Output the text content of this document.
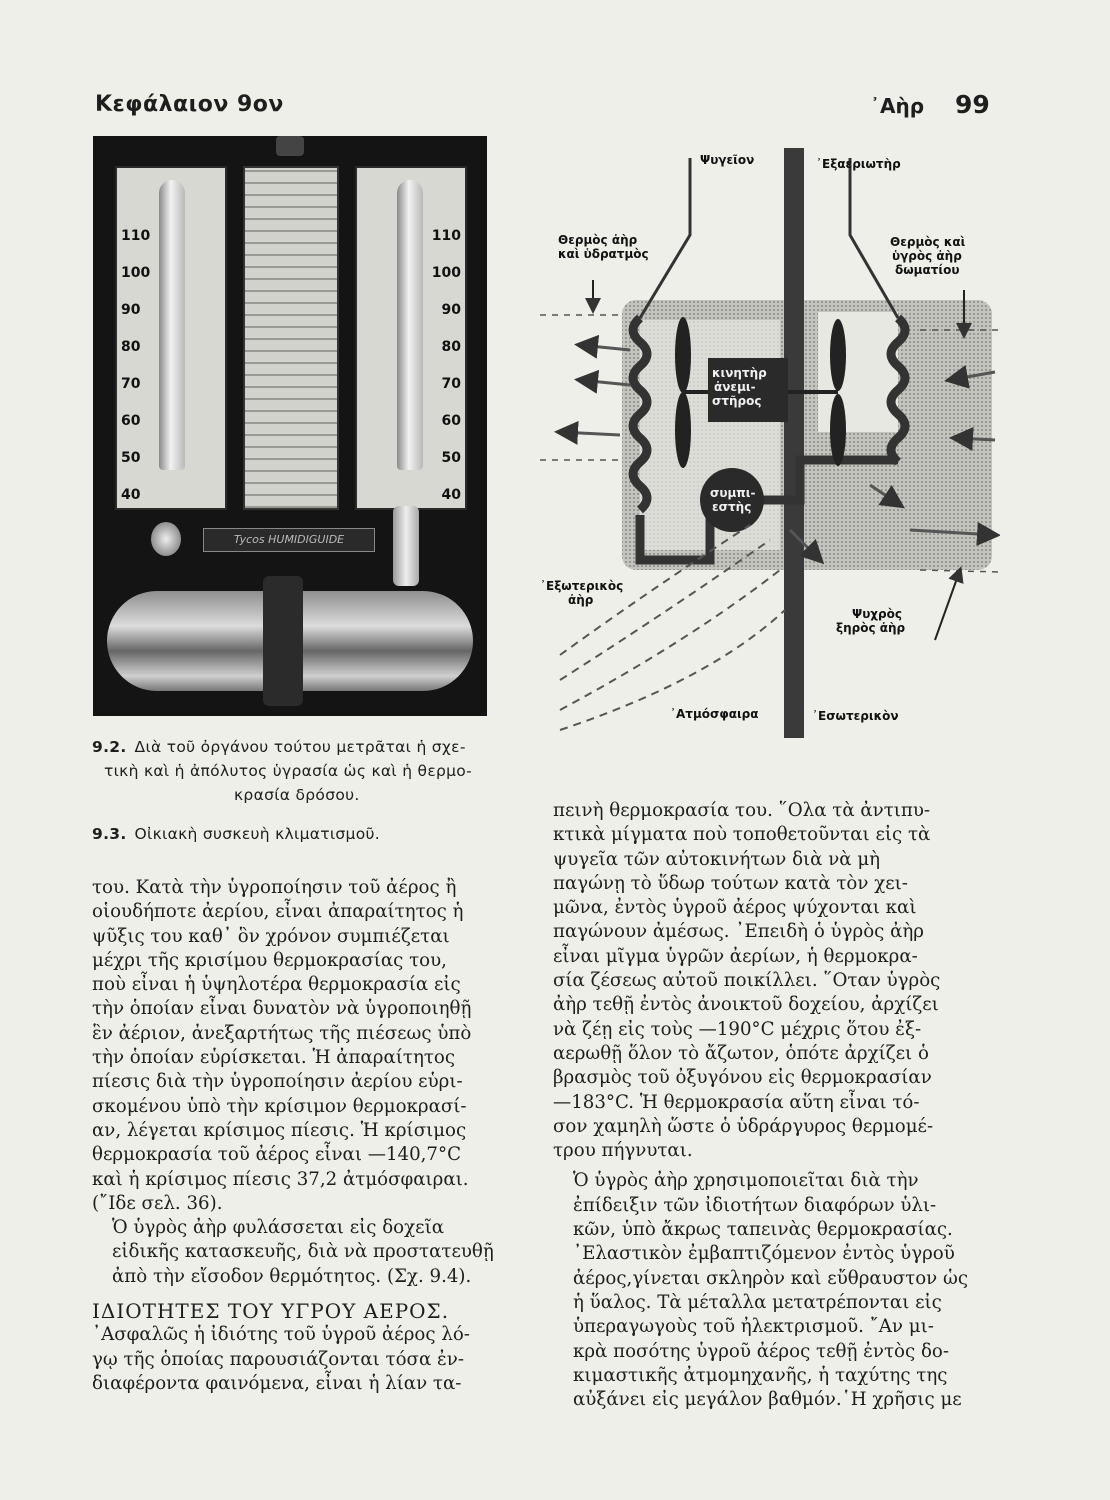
Κεφάλαιον 9ον	᾽Αὴρ 99
110
100
90
80
70
60
50
40
110
100
90
80
70
60
50
40
Tycos HUMIDIGUIDE
Ψυγεῖον	᾽Εξαεριωτὴρ
Θερμὸς ἀὴρ
καὶ ὑδρατμὸς
Θερμὸς καὶ
ὑγρὸς ἀὴρ
δωματίου
κινητὴρ
ἀνεμι-
στῆρος
συμπι-
εστὴς
᾽Εξωτερικὸς
ἀὴρ
Ψυχρὸς
ξηρὸς ἀὴρ
᾽Ατμόσφαιρα	᾽Εσωτερικὸν
9.2. Διὰ τοῦ ὀργάνου τούτου μετρᾶται ἡ σχε-
τικὴ καὶ ἡ ἀπόλυτος ὑγρασία ὡς καὶ ἡ θερμο-
κρασία δρόσου.
9.3. Οἰκιακὴ συσκευὴ κλιματισμοῦ.
του. Κατὰ τὴν ὑγροποίησιν τοῦ ἀέρος ἢ
οἱουδήποτε ἀερίου, εἶναι ἀπαραίτητος ἡ
ψῦξις του καθ᾽ ὃν χρόνον συμπιέζεται
μέχρι τῆς κρισίμου θερμοκρασίας του,
ποὺ εἶναι ἡ ὑψηλοτέρα θερμοκρασία εἰς
τὴν ὁποίαν εἶναι δυνατὸν νὰ ὑγροποιηθῇ
ἓν ἀέριον, ἀνεξαρτήτως τῆς πιέσεως ὑπὸ
τὴν ὁποίαν εὑρίσκεται. Ἡ ἀπαραίτητος
πίεσις διὰ τὴν ὑγροποίησιν ἀερίου εὑρι-
σκομένου ὑπὸ τὴν κρίσιμον θερμοκρασί-
αν, λέγεται κρίσιμος πίεσις. Ἡ κρίσιμος
θερμοκρασία τοῦ ἀέρος εἶναι —140,7°C
καὶ ἡ κρίσιμος πίεσις 37,2 ἀτμόσφαιραι.
(῎Ιδε σελ. 36).
Ὁ ὑγρὸς ἀὴρ φυλάσσεται εἰς δοχεῖα
εἰδικῆς κατασκευῆς, διὰ νὰ προστατευθῇ
ἀπὸ τὴν εἴσοδον θερμότητος. (Σχ. 9.4).
ΙΔΙΟΤΗΤΕΣ ΤΟΥ ΥΓΡΟΥ ΑΕΡΟΣ.
᾽Ασφαλῶς ἡ ἰδιότης τοῦ ὑγροῦ ἀέρος λό-
γῳ τῆς ὁποίας παρουσιάζονται τόσα ἐν-
διαφέροντα φαινόμενα, εἶναι ἡ λίαν τα-
πεινὴ θερμοκρασία του. ῞Ολα τὰ ἀντιπυ-
κτικὰ μίγματα ποὺ τοποθετοῦνται εἰς τὰ
ψυγεῖα τῶν αὐτοκινήτων διὰ νὰ μὴ
παγώνῃ τὸ ὕδωρ τούτων κατὰ τὸν χει-
μῶνα, ἐντὸς ὑγροῦ ἀέρος ψύχονται καὶ
παγώνουν ἀμέσως. ᾽Επειδὴ ὁ ὑγρὸς ἀὴρ
εἶναι μῖγμα ὑγρῶν ἀερίων, ἡ θερμοκρα-
σία ζέσεως αὐτοῦ ποικίλλει. ῞Οταν ὑγρὸς
ἀὴρ τεθῇ ἐντὸς ἀνοικτοῦ δοχείου, ἀρχίζει
νὰ ζέῃ εἰς τοὺς —190°C μέχρις ὅτου ἐξ-
αερωθῇ ὅλον τὸ ἄζωτον, ὁπότε ἀρχίζει ὁ
βρασμὸς τοῦ ὀξυγόνου εἰς θερμοκρασίαν
—183°C. Ἡ θερμοκρασία αὕτη εἶναι τό-
σον χαμηλὴ ὥστε ὁ ὑδράργυρος θερμομέ-
τρου πήγνυται.
Ὁ ὑγρὸς ἀὴρ χρησιμοποιεῖται διὰ τὴν
ἐπίδειξιν τῶν ἰδιοτήτων διαφόρων ὑλι-
κῶν, ὑπὸ ἄκρως ταπεινὰς θερμοκρασίας.
᾽Ελαστικὸν ἐμβαπτιζόμενον ἐντὸς ὑγροῦ
ἀέρος,γίνεται σκληρὸν καὶ εὔθραυστον ὡς
ἡ ὕαλος. Τὰ μέταλλα μετατρέπονται εἰς
ὑπεραγωγοὺς τοῦ ἠλεκτρισμοῦ. ῎Αν μι-
κρὰ ποσότης ὑγροῦ ἀέρος τεθῇ ἐντὸς δο-
κιμαστικῆς ἀτμομηχανῆς, ἡ ταχύτης της
αὐξάνει εἰς μεγάλον βαθμόν.῾Η χρῆσις με
